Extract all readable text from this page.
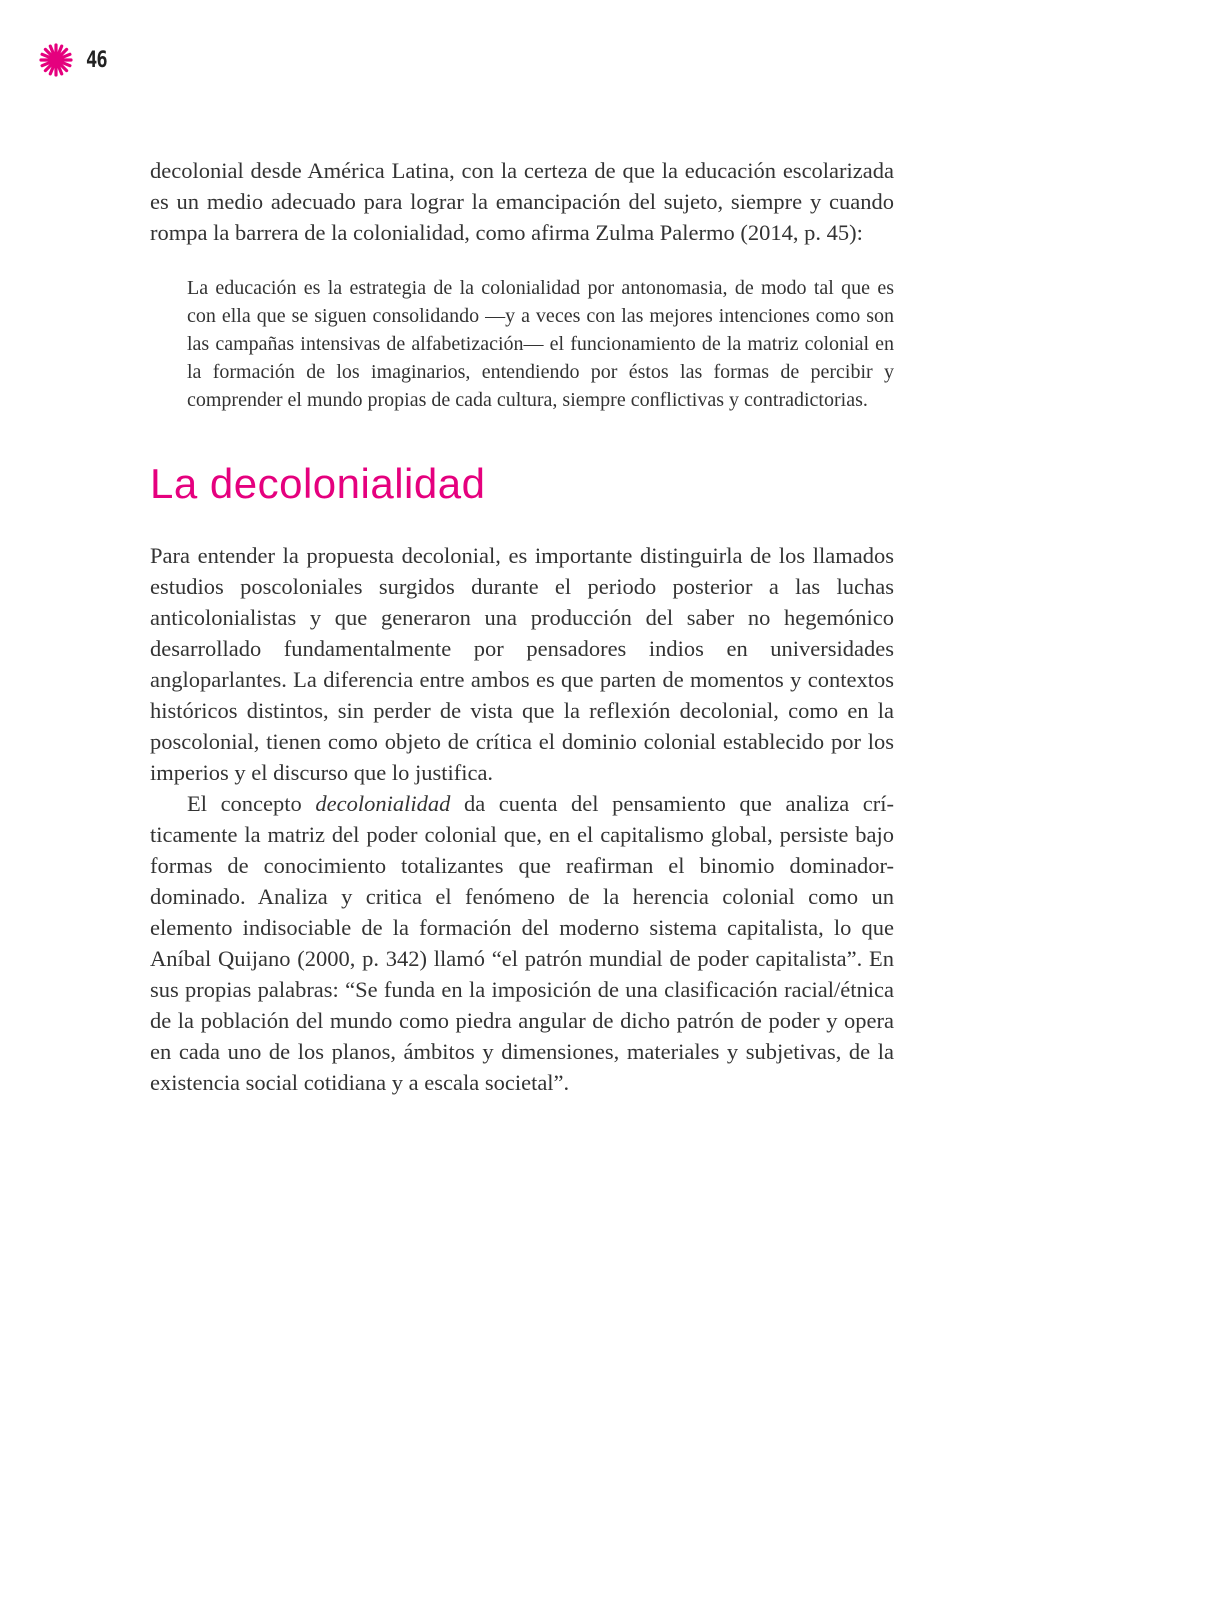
46

decolonial desde América Latina, con la certeza de que la educación escolarizada es un medio adecuado para lograr la emancipación del sujeto, siempre y cuando rompa la barrera de la colonialidad, como afirma Zulma Palermo (2014, p. 45):

La educación es la estrategia de la colonialidad por antonomasia, de modo tal que es con ella que se siguen consolidando —y a veces con las mejores intenciones como son las campañas intensivas de alfabetización— el funcionamiento de la matriz colonial en la formación de los imaginarios, entendiendo por éstos las formas de percibir y comprender el mundo propias de cada cultura, siempre conflictivas y contradictorias.
La decolonialidad

Para entender la propuesta decolonial, es importante distinguirla de los llamados estudios poscoloniales surgidos durante el periodo posterior a las luchas anticolonialistas y que generaron una producción del saber no hegemónico desarrollado fundamentalmente por pensadores indios en universidades angloparlantes. La diferencia entre ambos es que parten de momentos y contextos históricos distintos, sin perder de vista que la reflexión decolonial, como en la poscolonial, tienen como objeto de crítica el dominio colonial establecido por los imperios y el discurso que lo justifica.

El concepto decolonialidad da cuenta del pensamiento que analiza críticamente la matriz del poder colonial que, en el capitalismo global, persiste bajo formas de conocimiento totalizantes que reafirman el binomio dominador-dominado. Analiza y critica el fenómeno de la herencia colonial como un elemento indisociable de la formación del moderno sistema capitalista, lo que Aníbal Quijano (2000, p. 342) llamó “el patrón mundial de poder capitalista”. En sus propias palabras: “Se funda en la imposición de una clasificación racial/étnica de la población del mundo como piedra angular de dicho patrón de poder y opera en cada uno de los planos, ámbitos y dimensiones, materiales y subjetivas, de la existencia social cotidiana y a escala societal”.
